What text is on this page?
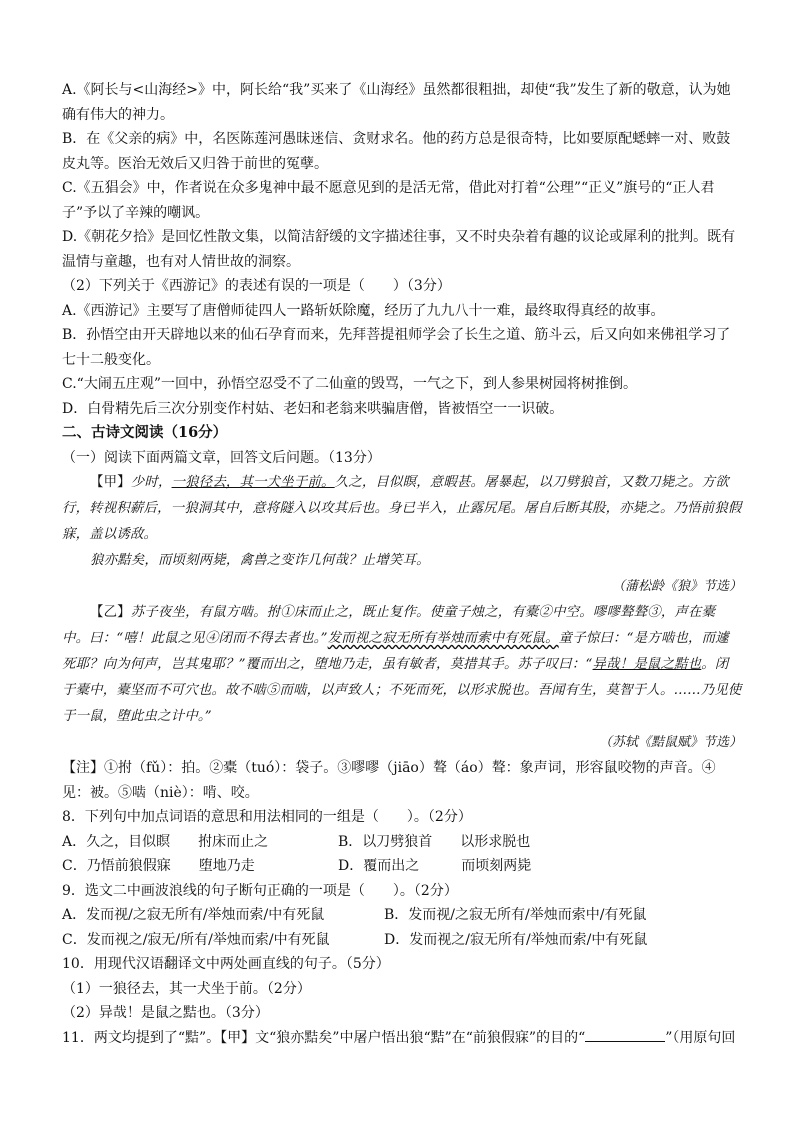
A.《阿长与<山海经>》中，阿长给“我”买来了《山海经》虽然都很粗拙，却使“我”发生了新的敬意，认为她确有伟大的神力。

B．在《父亲的病》中，名医陈莲河愚昧迷信、贪财求名。他的药方总是很奇特，比如要原配蟋蟀一对、败鼓皮丸等。医治无效后又归咎于前世的冤孽。

C.《五猖会》中，作者说在众多鬼神中最不愿意见到的是活无常，借此对打着“公理”“正义”旗号的“正人君子”予以了辛辣的嘲讽。

D.《朝花夕拾》是回忆性散文集，以简洁舒缓的文字描述往事，又不时央杂着有趣的议论或犀利的批判。既有温情与童趣，也有对人情世故的洞察。

（2）下列关于《西游记》的表述有误的一项是（　　）（3分）

A.《西游记》主要写了唐僧师徒四人一路斩妖除魔，经历了九九八十一难，最终取得真经的故事。

B．孙悟空由开天辟地以来的仙石孕育而来，先拜菩提祖师学会了长生之道、筋斗云，后又向如来佛祖学习了七十二般变化。

C.“大闹五庄观”一回中，孙悟空忍受不了二仙童的毁骂，一气之下，到人参果树园将树推倒。

D．白骨精先后三次分别变作村姑、老妇和老翁来哄骗唐僧，皆被悟空一一识破。

二、古诗文阅读（16分）

（一）阅读下面两篇文章，回答文后问题。（13分）

【甲】少时，一狼径去，其一犬坐于前。久之，目似瞑，意暇甚。屠暴起，以刀劈狼首，又数刀毙之。方欲行，转视积薪后，一狼洞其中，意将隧入以攻其后也。身已半入，止露尻尾。屠自后断其股，亦毙之。乃悟前狼假寐，盖以诱敌。

狼亦黠矣，而顷刻两毙，禽兽之变诈几何哉？止增笑耳。

（蒲松龄《狼》节选）

【乙】苏子夜坐，有鼠方啮。拊①床而止之，既止复作。使童子烛之，有橐②中空。嘐嘐聱聱③，声在橐中。曰：“嘻！此鼠之见④闭而不得去者也。”发而视之寂无所有举烛而索中有死鼠。童子惊曰：“是方啮也，而遽死耶？向为何声，岂其鬼耶？”覆而出之，堕地乃走，虽有敏者，莫措其手。苏子叹曰：“异哉！是鼠之黠也。闭于橐中，橐坚而不可穴也。故不啮⑤而啮，以声致人；不死而死，以形求脱也。吾闻有生，莫智于人。……乃见使于一鼠，堕此虫之计中。”

（苏轼《黠鼠赋》节选）

【注】①拊（fǔ）：拍。②橐（tuó）：袋子。③嘐嘐（jiāo）聱（áo）聱：象声词，形容鼠咬物的声音。④见：被。⑤啮（niè）：啃、咬。

8．下列句中加点词语的意思和用法相同的一组是（　　）。（2分）

A．久之，目似瞑　　拊床而止之	B．以刀劈狼首　　以形求脱也
C．乃悟前狼假寐　　堕地乃走	D．覆而出之　　　而顷刻两毙

9．选文二中画波浪线的句子断句正确的一项是（　　）。（2分）

A．发而视/之寂无所有/举烛而索/中有死鼠	B．发而视/之寂无所有/举烛而索中/有死鼠
C．发而视之/寂无/所有/举烛而索/中有死鼠	D．发而视之/寂无所有/举烛而索/中有死鼠

10．用现代汉语翻译文中两处画直线的句子。（5分）

（1）一狼径去，其一犬坐于前。（2分）

（2）异哉！是鼠之黠也。（3分）

11．两文均提到了“黠”。【甲】文“狼亦黠矣”中屠户悟出狼“黠”在“前狼假寐”的目的“	”（用原句回
